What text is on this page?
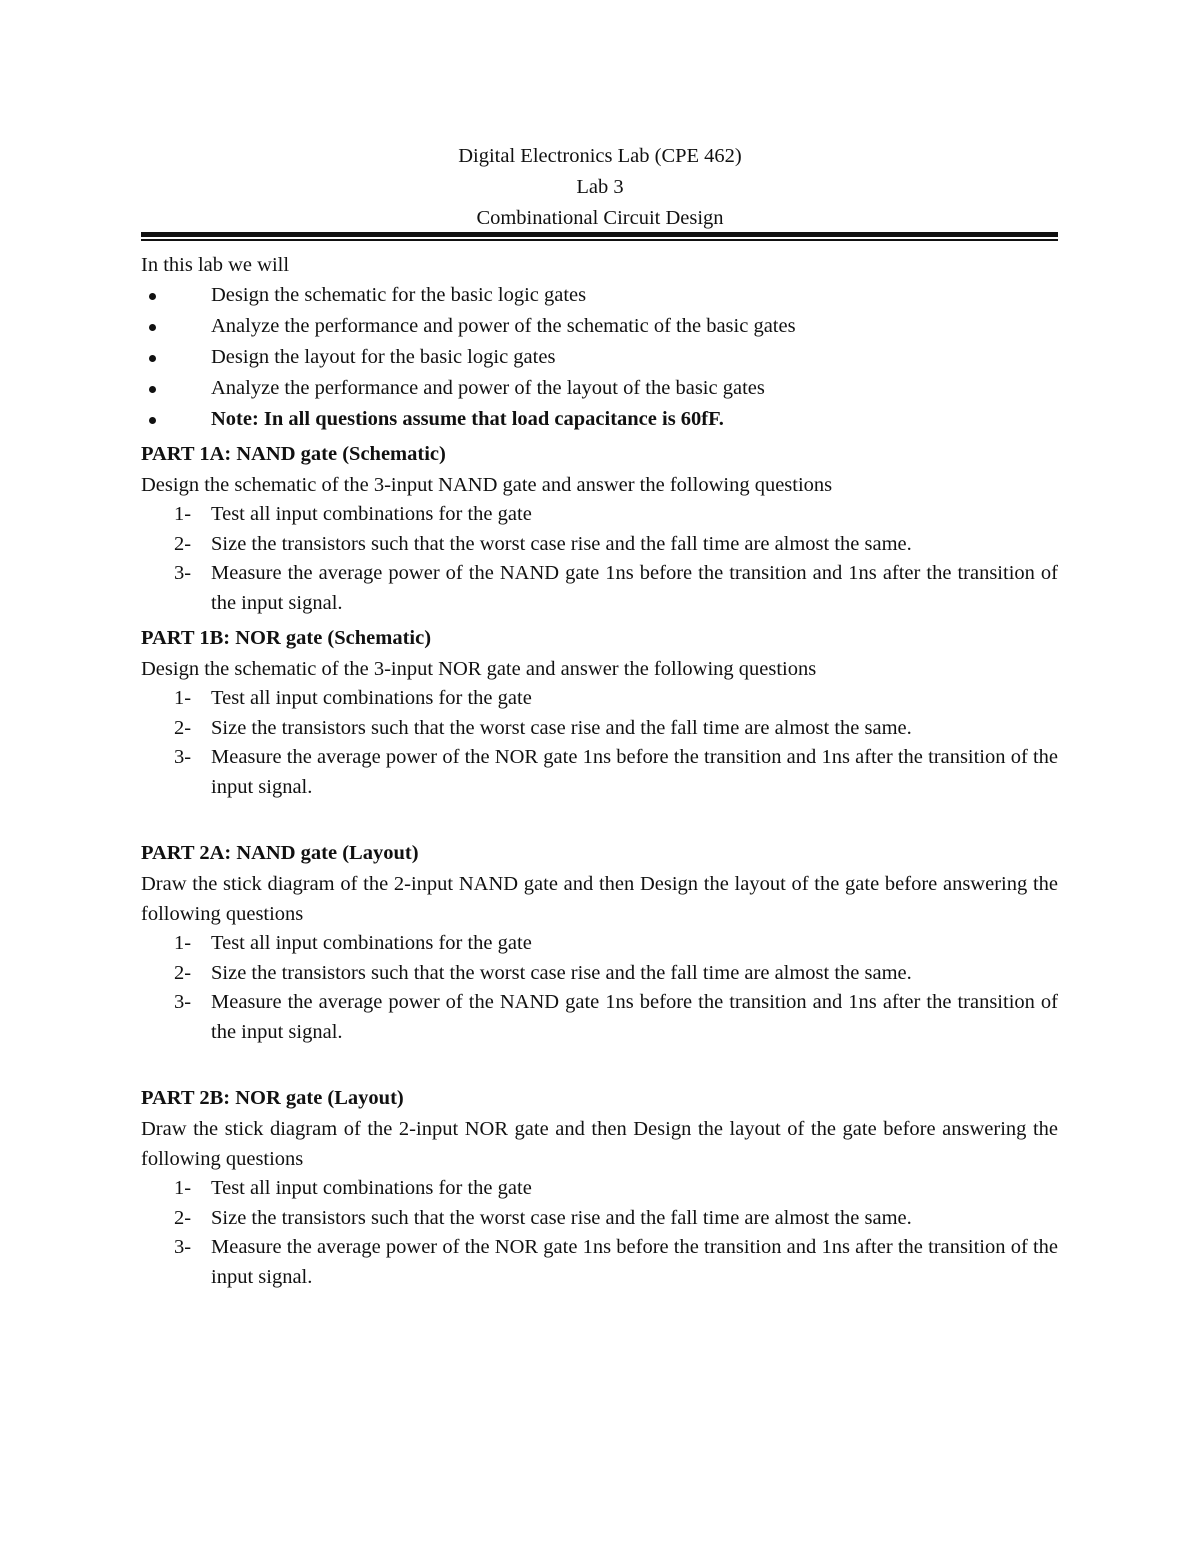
Digital Electronics Lab (CPE 462)
Lab 3
Combinational Circuit Design
In this lab we will
Design the schematic for the basic logic gates
Analyze the performance and power of the schematic of the basic gates
Design the layout for the basic logic gates
Analyze the performance and power of the layout of the basic gates
Note: In all questions assume that load capacitance is 60fF.
PART 1A: NAND gate (Schematic)
Design the schematic of the 3-input NAND gate and answer the following questions
1- Test all input combinations for the gate
2- Size the transistors such that the worst case rise and the fall time are almost the same.
3- Measure the average power of the NAND gate 1ns before the transition and 1ns after the transition of the input signal.
PART 1B: NOR gate (Schematic)
Design the schematic of the 3-input NOR gate and answer the following questions
1- Test all input combinations for the gate
2- Size the transistors such that the worst case rise and the fall time are almost the same.
3- Measure the average power of the NOR gate 1ns before the transition and 1ns after the transition of the input signal.
PART 2A: NAND gate (Layout)
Draw the stick diagram of the 2-input NAND gate and then Design the layout of the gate before answering the following questions
1- Test all input combinations for the gate
2- Size the transistors such that the worst case rise and the fall time are almost the same.
3- Measure the average power of the NAND gate 1ns before the transition and 1ns after the transition of the input signal.
PART 2B: NOR gate (Layout)
Draw the stick diagram of the 2-input NOR gate and then Design the layout of the gate before answering the following questions
1- Test all input combinations for the gate
2- Size the transistors such that the worst case rise and the fall time are almost the same.
3- Measure the average power of the NOR gate 1ns before the transition and 1ns after the transition of the input signal.
